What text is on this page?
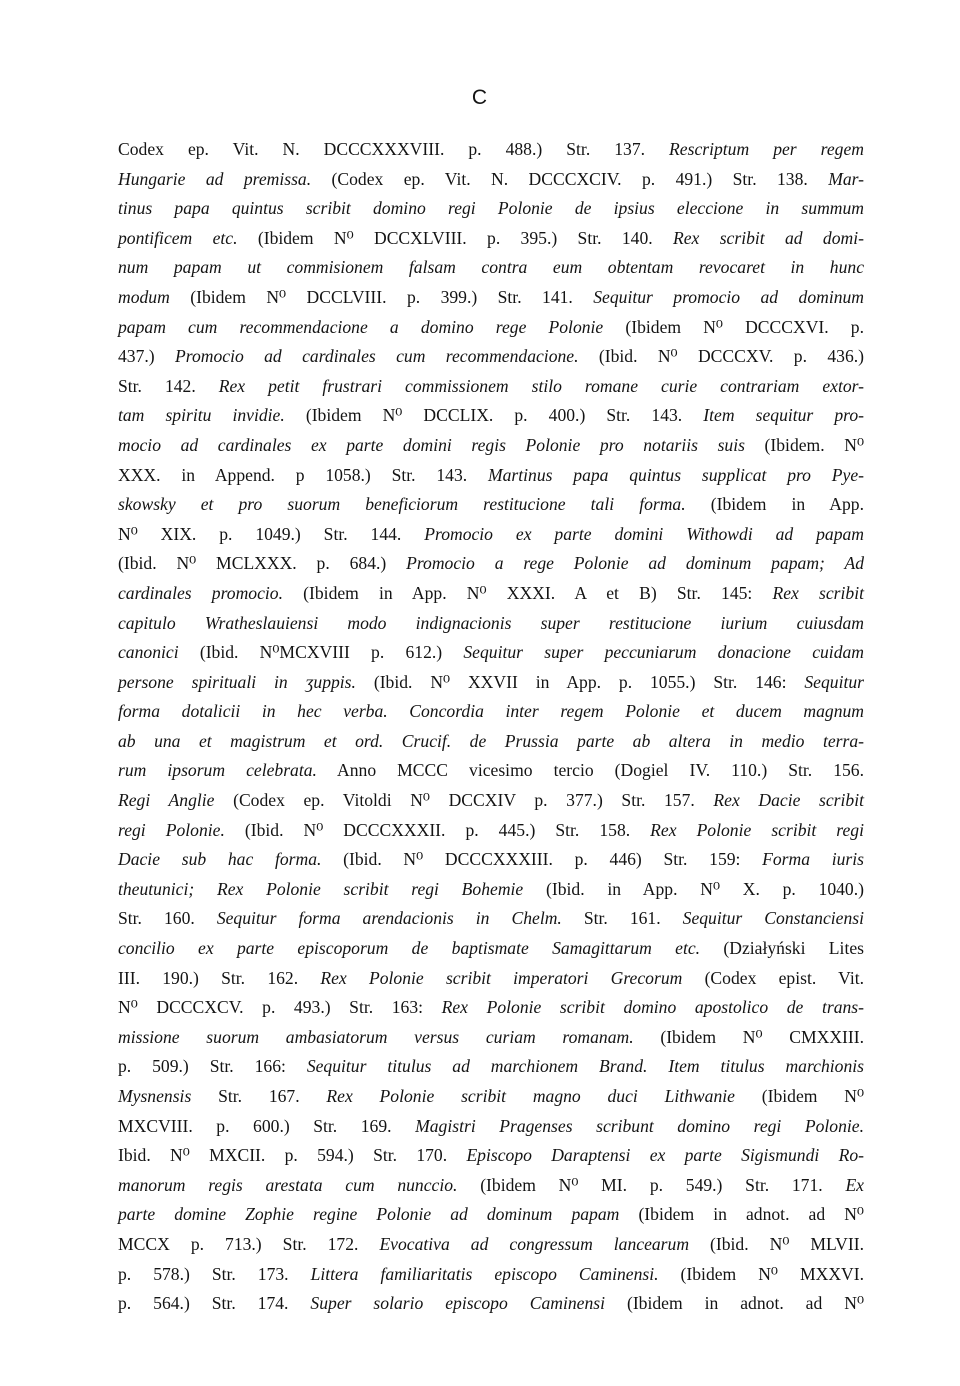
C
Codex ep. Vit. N. DCCCXXXVIII. p. 488.) Str. 137. Rescriptum per regem
Hungarie ad premissa. (Codex ep. Vit. N. DCCCXCIV. p. 491.) Str. 138. Mar-
tinus papa quintus scribit domino regi Polonie de ipsius eleccione in summum
pontificem etc. (Ibidem N⁰ DCCXLVIII. p. 395.) Str. 140. Rex scribit ad domi-
num papam ut commisionem falsam contra eum obtentam revocaret in hunc
modum (Ibidem N⁰ DCCLVIII. p. 399.) Str. 141. Sequitur promocio ad dominum
papam cum recommendacione a domino rege Polonie (Ibidem N⁰ DCCCXVI. p.
437.) Promocio ad cardinales cum recommendacione. (Ibid. N⁰ DCCCXV. p. 436.)
Str. 142. Rex petit frustrari commissionem stilo romane curie contrariam extor-
tam spiritu invidie. (Ibidem N⁰ DCCLIX. p. 400.) Str. 143. Item sequitur pro-
mocio ad cardinales ex parte domini regis Polonie pro notariis suis (Ibidem. N⁰
XXX. in Append. p 1058.) Str. 143. Martinus papa quintus supplicat pro Pye-
skowsky et pro suorum beneficiorum restitucione tali forma. (Ibidem in App.
N⁰ XIX. p. 1049.) Str. 144. Promocio ex parte domini Withowdi ad papam
(Ibid. N⁰ MCLXXX. p. 684.) Promocio a rege Polonie ad dominum papam; Ad
cardinales promocio. (Ibidem in App. N⁰ XXXI. A et B) Str. 145: Rex scribit
capitulo Wratheslauiensi modo indignacionis super restitucione iurium cuiusdam
canonici (Ibid. N⁰MCXVIII p. 612.) Sequitur super peccuniarum donacione cuidam
persone spirituali in ʒuppis. (Ibid. N⁰ XXVII in App. p. 1055.) Str. 146: Sequitur
forma dotalicii in hec verba. Concordia inter regem Polonie et ducem magnum
ab una et magistrum et ord. Crucif. de Prussia parte ab altera in medio terra-
rum ipsorum celebrata. Anno MCCC vicesimo tercio (Dogiel IV. 110.) Str. 156.
Regi Anglie (Codex ep. Vitoldi N⁰ DCCXIV p. 377.) Str. 157. Rex Dacie scribit
regi Polonie. (Ibid. N⁰ DCCCXXXII. p. 445.) Str. 158. Rex Polonie scribit regi
Dacie sub hac forma. (Ibid. N⁰ DCCCXXXIII. p. 446) Str. 159: Forma iuris
theutunici; Rex Polonie scribit regi Bohemie (Ibid. in App. N⁰ X. p. 1040.)
Str. 160. Sequitur forma arendacionis in Chelm. Str. 161. Sequitur Constanciensi
concilio ex parte episcoporum de baptismate Samagittarum etc. (Działyński Lites
III. 190.) Str. 162. Rex Polonie scribit imperatori Grecorum (Codex epist. Vit.
N⁰ DCCCXCV. p. 493.) Str. 163: Rex Polonie scribit domino apostolico de trans-
missione suorum ambasiatorum versus curiam romanam. (Ibidem N⁰ CMXXIII.
p. 509.) Str. 166: Sequitur titulus ad marchionem Brand. Item titulus marchionis
Mysnensis Str. 167. Rex Polonie scribit magno duci Lithwanie (Ibidem N⁰
MXCVIII. p. 600.) Str. 169. Magistri Pragenses scribunt domino regi Polonie.
Ibid. N⁰ MXCII. p. 594.) Str. 170. Episcopo Daraptensi ex parte Sigismundi Ro-
manorum regis arestata cum nunccio. (Ibidem N⁰ MI. p. 549.) Str. 171. Ex
parte domine Zophie regine Polonie ad dominum papam (Ibidem in adnot. ad N⁰
MCCX p. 713.) Str. 172. Evocativa ad congressum lancearum (Ibid. N⁰ MLVII.
p. 578.) Str. 173. Littera familiaritatis episcopo Caminensi. (Ibidem N⁰ MXXVI.
p. 564.) Str. 174. Super solario episcopo Caminensi (Ibidem in adnot. ad N⁰
